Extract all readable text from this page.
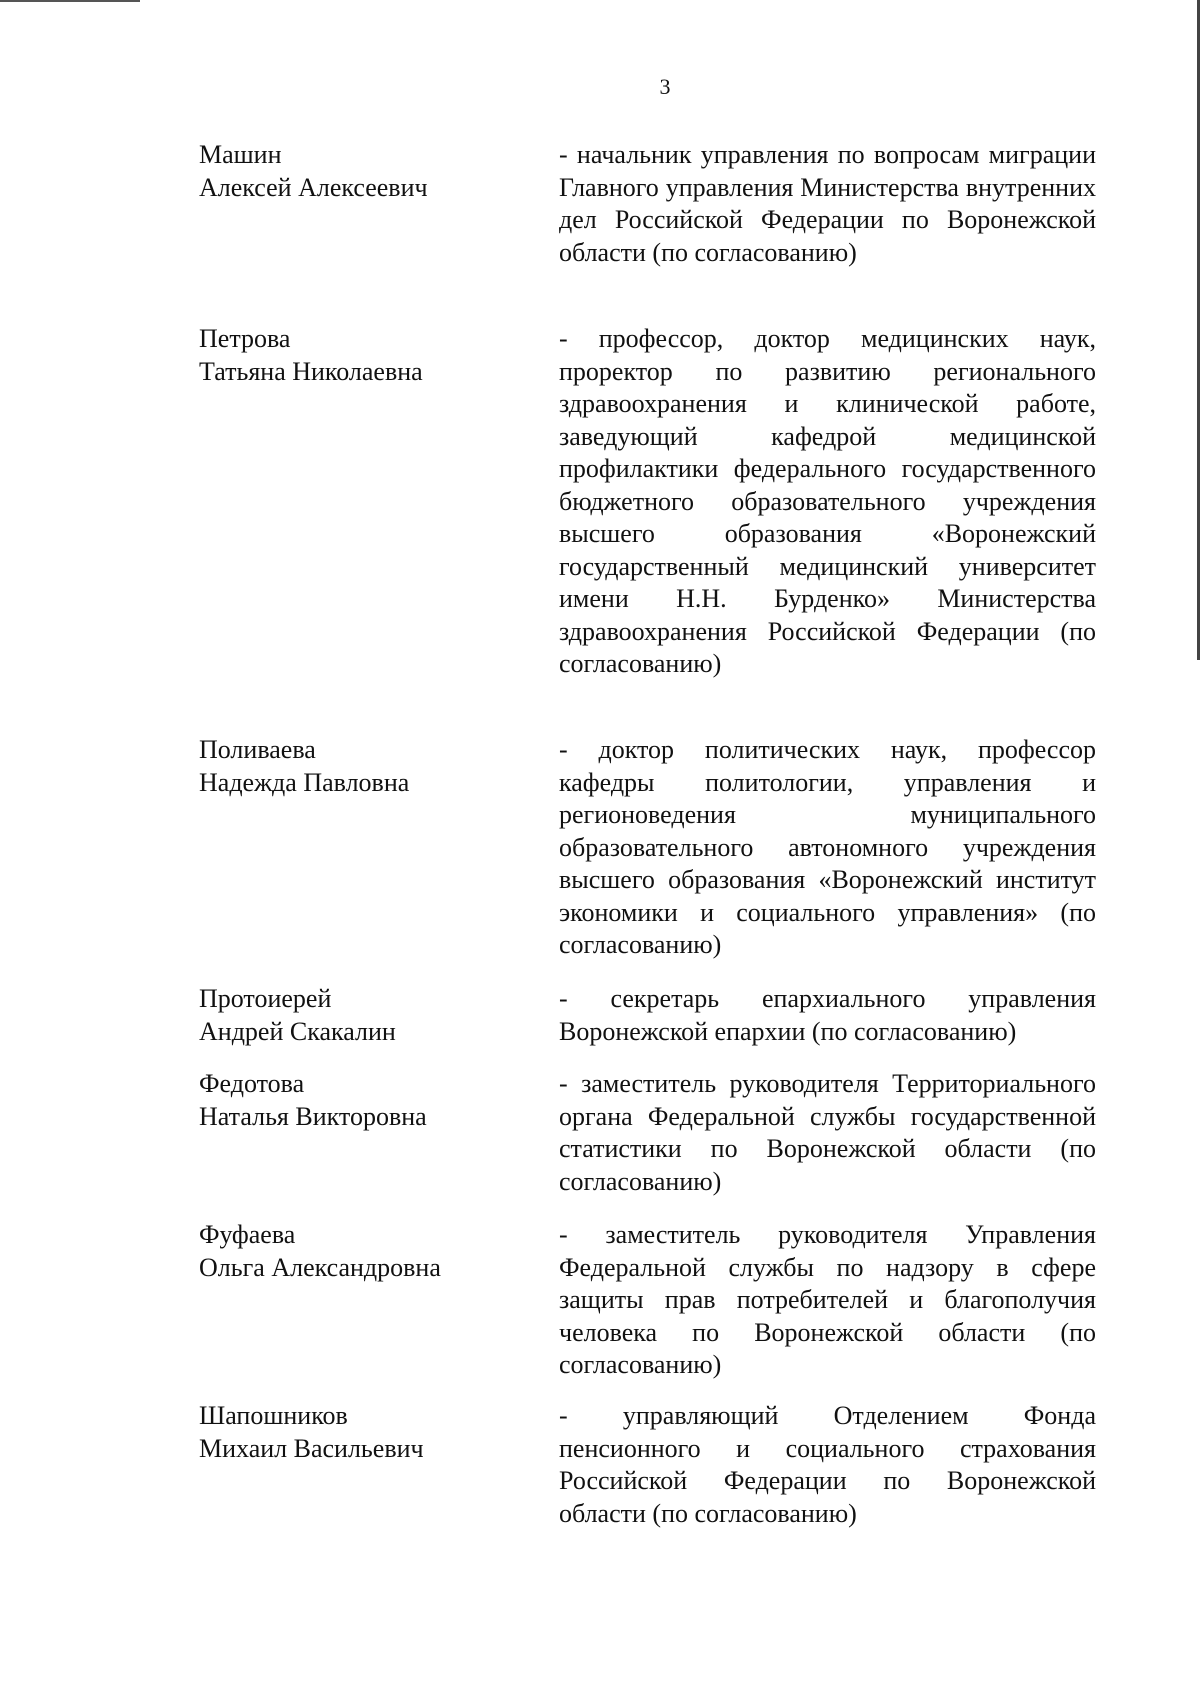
3
Машин
Алексей Алексеевич
- начальник управления по вопросам миграции Главного управления Министерства внутренних дел Российской Федерации по Воронежской области (по согласованию)
Петрова
Татьяна Николаевна
- профессор, доктор медицинских наук, проректор по развитию регионального здравоохранения и клинической работе, заведующий кафедрой медицинской профилактики федерального государственного бюджетного образовательного учреждения высшего образования «Воронежский государственный медицинский университет имени Н.Н. Бурденко» Министерства здравоохранения Российской Федерации (по согласованию)
Поливаева
Надежда Павловна
- доктор политических наук, профессор кафедры политологии, управления и регионоведения муниципального образовательного автономного учреждения высшего образования «Воронежский институт экономики и социального управления» (по согласованию)
Протоиерей
Андрей Скакалин
- секретарь епархиального управления Воронежской епархии (по согласованию)
Федотова
Наталья Викторовна
- заместитель руководителя Территориального органа Федеральной службы государственной статистики по Воронежской области (по согласованию)
Фуфаева
Ольга Александровна
- заместитель руководителя Управления Федеральной службы по надзору в сфере защиты прав потребителей и благополучия человека по Воронежской области (по согласованию)
Шапошников
Михаил Васильевич
- управляющий Отделением Фонда пенсионного и социального страхования Российской Федерации по Воронежской области (по согласованию)
